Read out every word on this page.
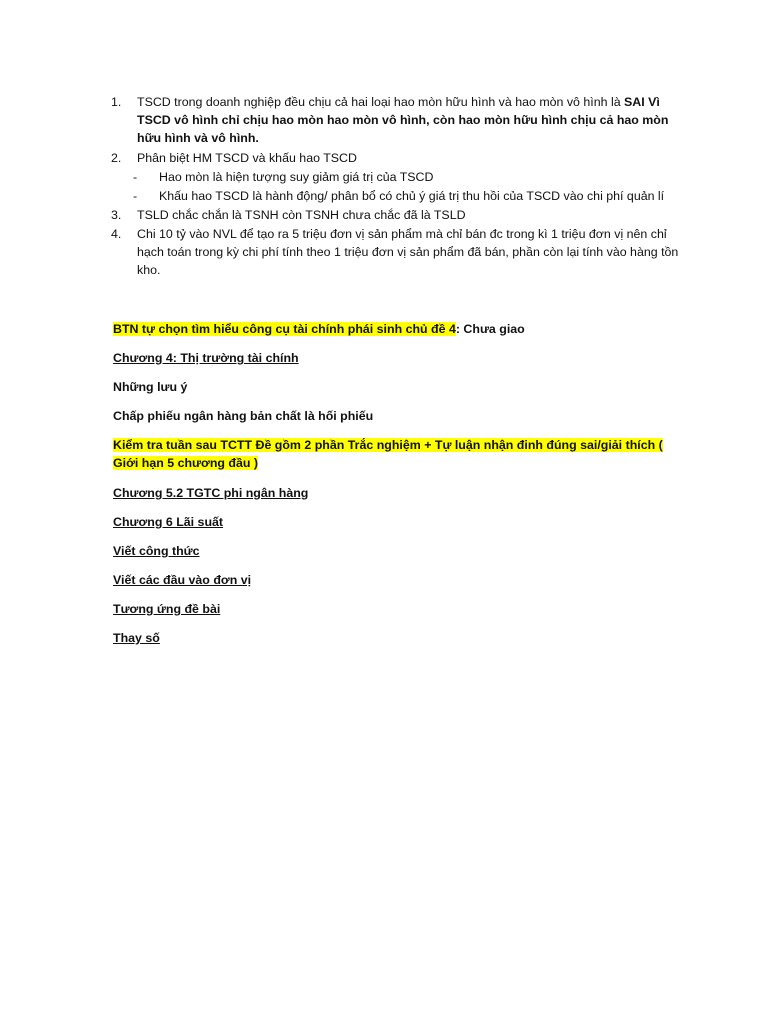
1. TSCD trong doanh nghiệp đều chịu cả hai loại hao mòn hữu hình và hao mòn vô hình là SAI Vì TSCD vô hình chỉ chịu hao mòn hao mòn vô hình, còn hao mòn hữu hình chịu cả hao mòn hữu hình và vô hình.
2. Phân biệt HM TSCD và khấu hao TSCD
- Hao mòn là hiện tượng suy giảm giá trị của TSCD
- Khấu hao TSCD là hành động/ phân bổ có chủ ý giá trị thu hồi của TSCD vào chi phí quản lí
3. TSLD chắc chắn là TSNH còn TSNH chưa chắc đã là TSLD
4. Chi 10 tỷ vào NVL để tạo ra 5 triệu đơn vị sản phẩm mà chỉ bán đc trong kì 1 triệu đơn vị nên chỉ hạch toán trong kỳ chi phí tính theo 1 triệu đơn vị sản phẩm đã bán, phần còn lại tính vào hàng tồn kho.
BTN tự chọn tìm hiểu công cụ tài chính phái sinh chủ đề 4: Chưa giao
Chương 4: Thị trường tài chính
Những lưu ý
Chấp phiếu ngân hàng bản chất là hối phiếu
Kiểm tra tuần sau TCTT Đề gồm 2 phần Trắc nghiệm + Tự luận nhận đinh đúng sai/giải thích ( Giới hạn 5 chương đầu )
Chương 5.2 TGTC phi ngân hàng
Chương 6 Lãi suất
Viết công thức
Viết các đầu vào đơn vị
Tương ứng đề bài
Thay số
